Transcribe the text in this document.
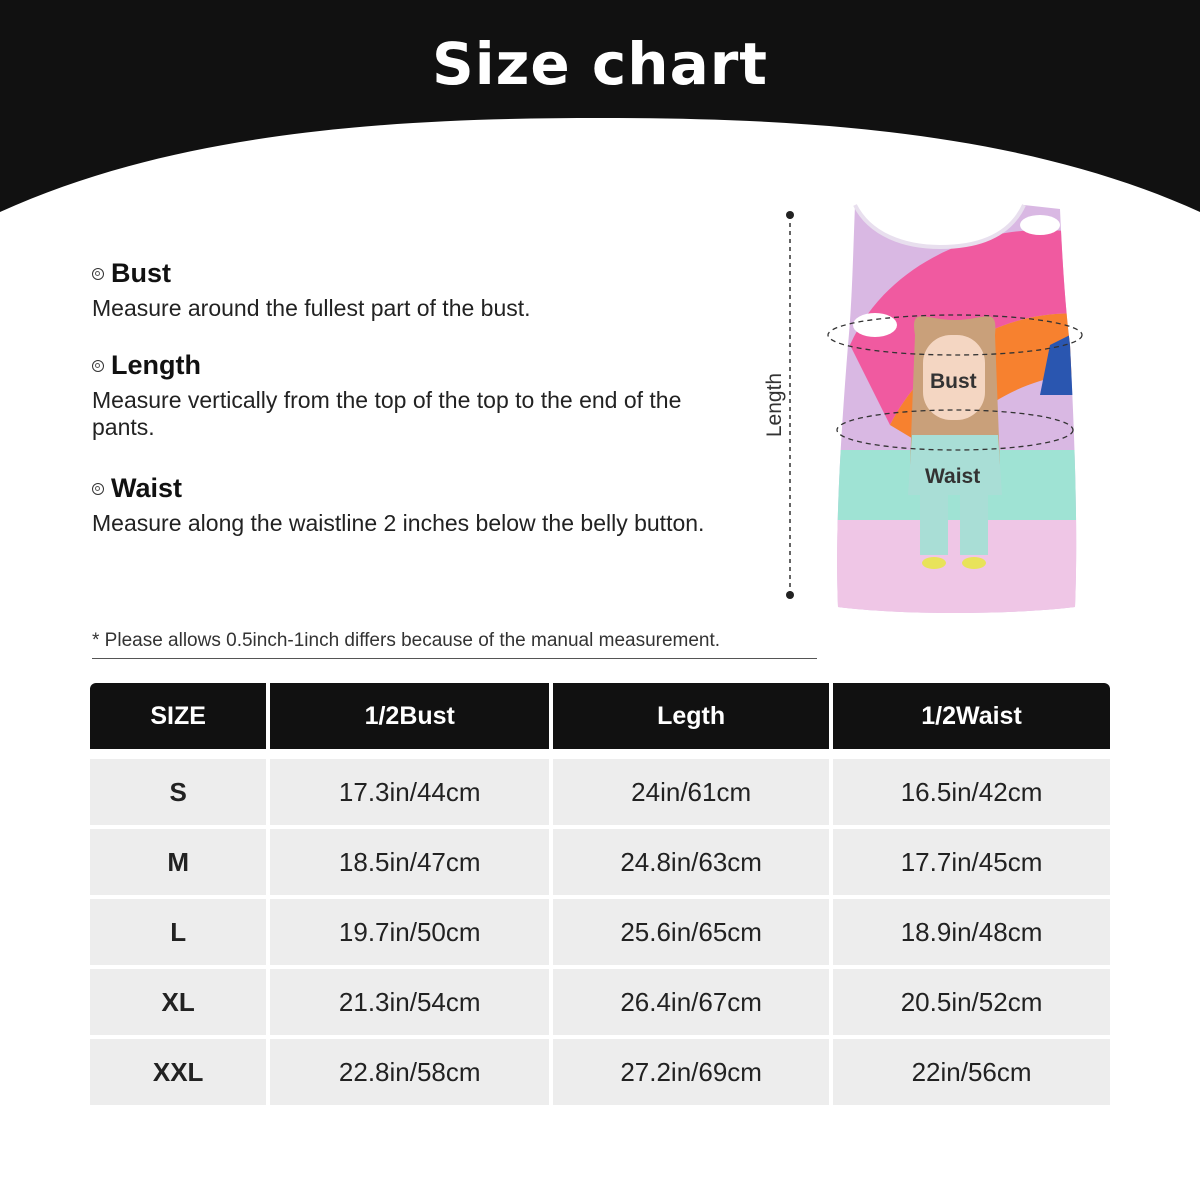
Size chart
Bust
Measure around the fullest part of the bust.
Length
Measure vertically from the top of the top to the end of the pants.
Waist
Measure along the waistline 2 inches below the belly button.
Length	Bust
Waist
* Please allows 0.5inch-1inch differs because of the manual measurement.
SIZE	1/2Bust	Legth	1/2Waist
S	17.3in/44cm	24in/61cm	16.5in/42cm
M	18.5in/47cm	24.8in/63cm	17.7in/45cm
L	19.7in/50cm	25.6in/65cm	18.9in/48cm
XL	21.3in/54cm	26.4in/67cm	20.5in/52cm
XXL	22.8in/58cm	27.2in/69cm	22in/56cm
